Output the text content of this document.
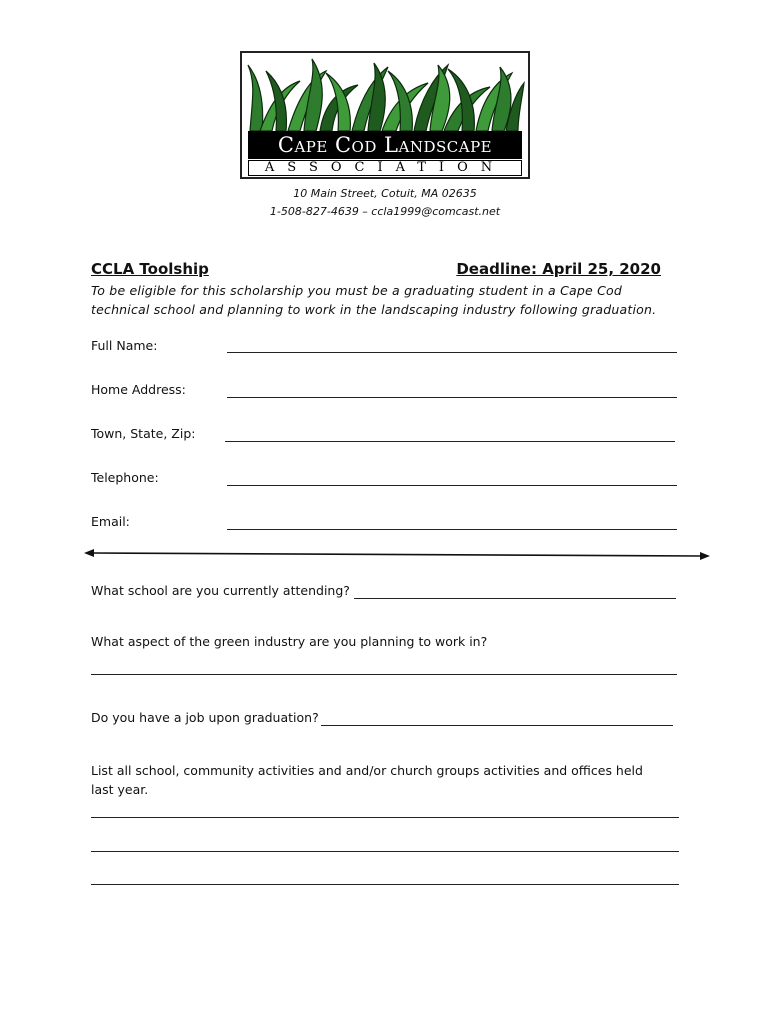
Cape Cod Landscape
ASSOCIATION
10 Main Street, Cotuit, MA 02635
1-508-827-4639 – ccla1999@comcast.net
CCLA Toolship	Deadline: April 25, 2020
To be eligible for this scholarship you must be a graduating student in a Cape Cod technical school and planning to work in the landscaping industry following graduation.
Full Name:
Home Address:
Town, State, Zip:
Telephone:
Email:
What school are you currently attending?
What aspect of the green industry are you planning to work in?
Do you have a job upon graduation?
List all school, community activities and and/or church groups activities and offices held last year.
